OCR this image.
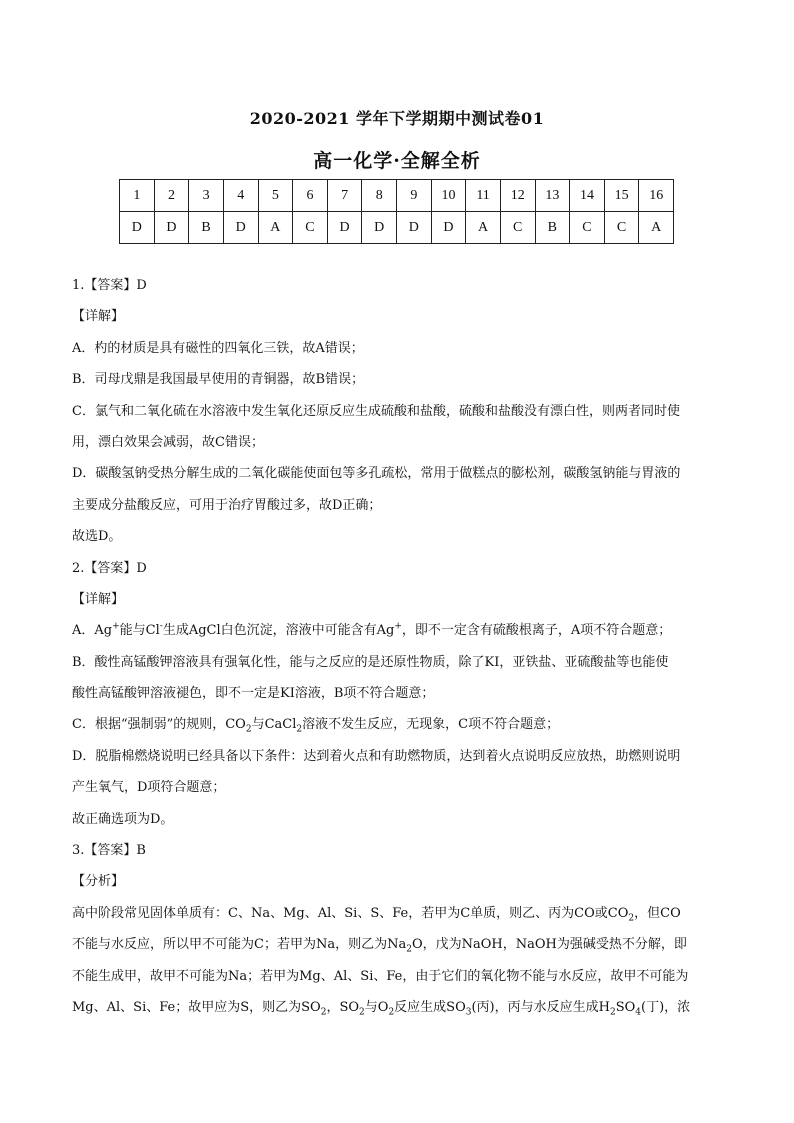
2020-2021 学年下学期期中测试卷01
高一化学·全解全析
1	2	3	4	5	6	7	8	9	10	11	12	13	14	15	16
D	D	B	D	A	C	D	D	D	D	A	C	B	C	C	A
1.【答案】D
【详解】
A．杓的材质是具有磁性的四氧化三铁，故A错误；
B．司母戊鼎是我国最早使用的青铜器，故B错误；
C．氯气和二氧化硫在水溶液中发生氧化还原反应生成硫酸和盐酸，硫酸和盐酸没有漂白性，则两者同时使
用，漂白效果会减弱，故C错误；
D．碳酸氢钠受热分解生成的二氧化碳能使面包等多孔疏松，常用于做糕点的膨松剂，碳酸氢钠能与胃液的
主要成分盐酸反应，可用于治疗胃酸过多，故D正确；
故选D。
2.【答案】D
【详解】
A．Ag+能与Cl-生成AgCl白色沉淀，溶液中可能含有Ag+，即不一定含有硫酸根离子，A项不符合题意；
B．酸性高锰酸钾溶液具有强氧化性，能与之反应的是还原性物质，除了KI，亚铁盐、亚硫酸盐等也能使
酸性高锰酸钾溶液褪色，即不一定是KI溶液，B项不符合题意；
C．根据“强制弱”的规则，$CO_2$与CaCl$_2$溶液不发生反应，无现象，C项不符合题意；
D．脱脂棉燃烧说明已经具备以下条件：达到着火点和有助燃物质，达到着火点说明反应放热，助燃则说明
产生氧气，D项符合题意；
故正确选项为D。
3.【答案】B
【分析】
高中阶段常见固体单质有：C、Na、Mg、Al、Si、S、Fe，若甲为C单质，则乙、丙为CO或$CO_2$，但CO
不能与水反应，所以甲不可能为C；若甲为Na，则乙为$Na_2O$，戊为NaOH，NaOH为强碱受热不分解，即
不能生成甲，故甲不可能为Na；若甲为Mg、Al、Si、Fe，由于它们的氧化物不能与水反应，故甲不可能为
Mg、Al、Si、Fe；故甲应为S，则乙为$SO_2$，$SO_2$与$O_2$反应生成$SO_3$(丙)，丙与水反应生成$H_2SO_4$(丁)，浓
